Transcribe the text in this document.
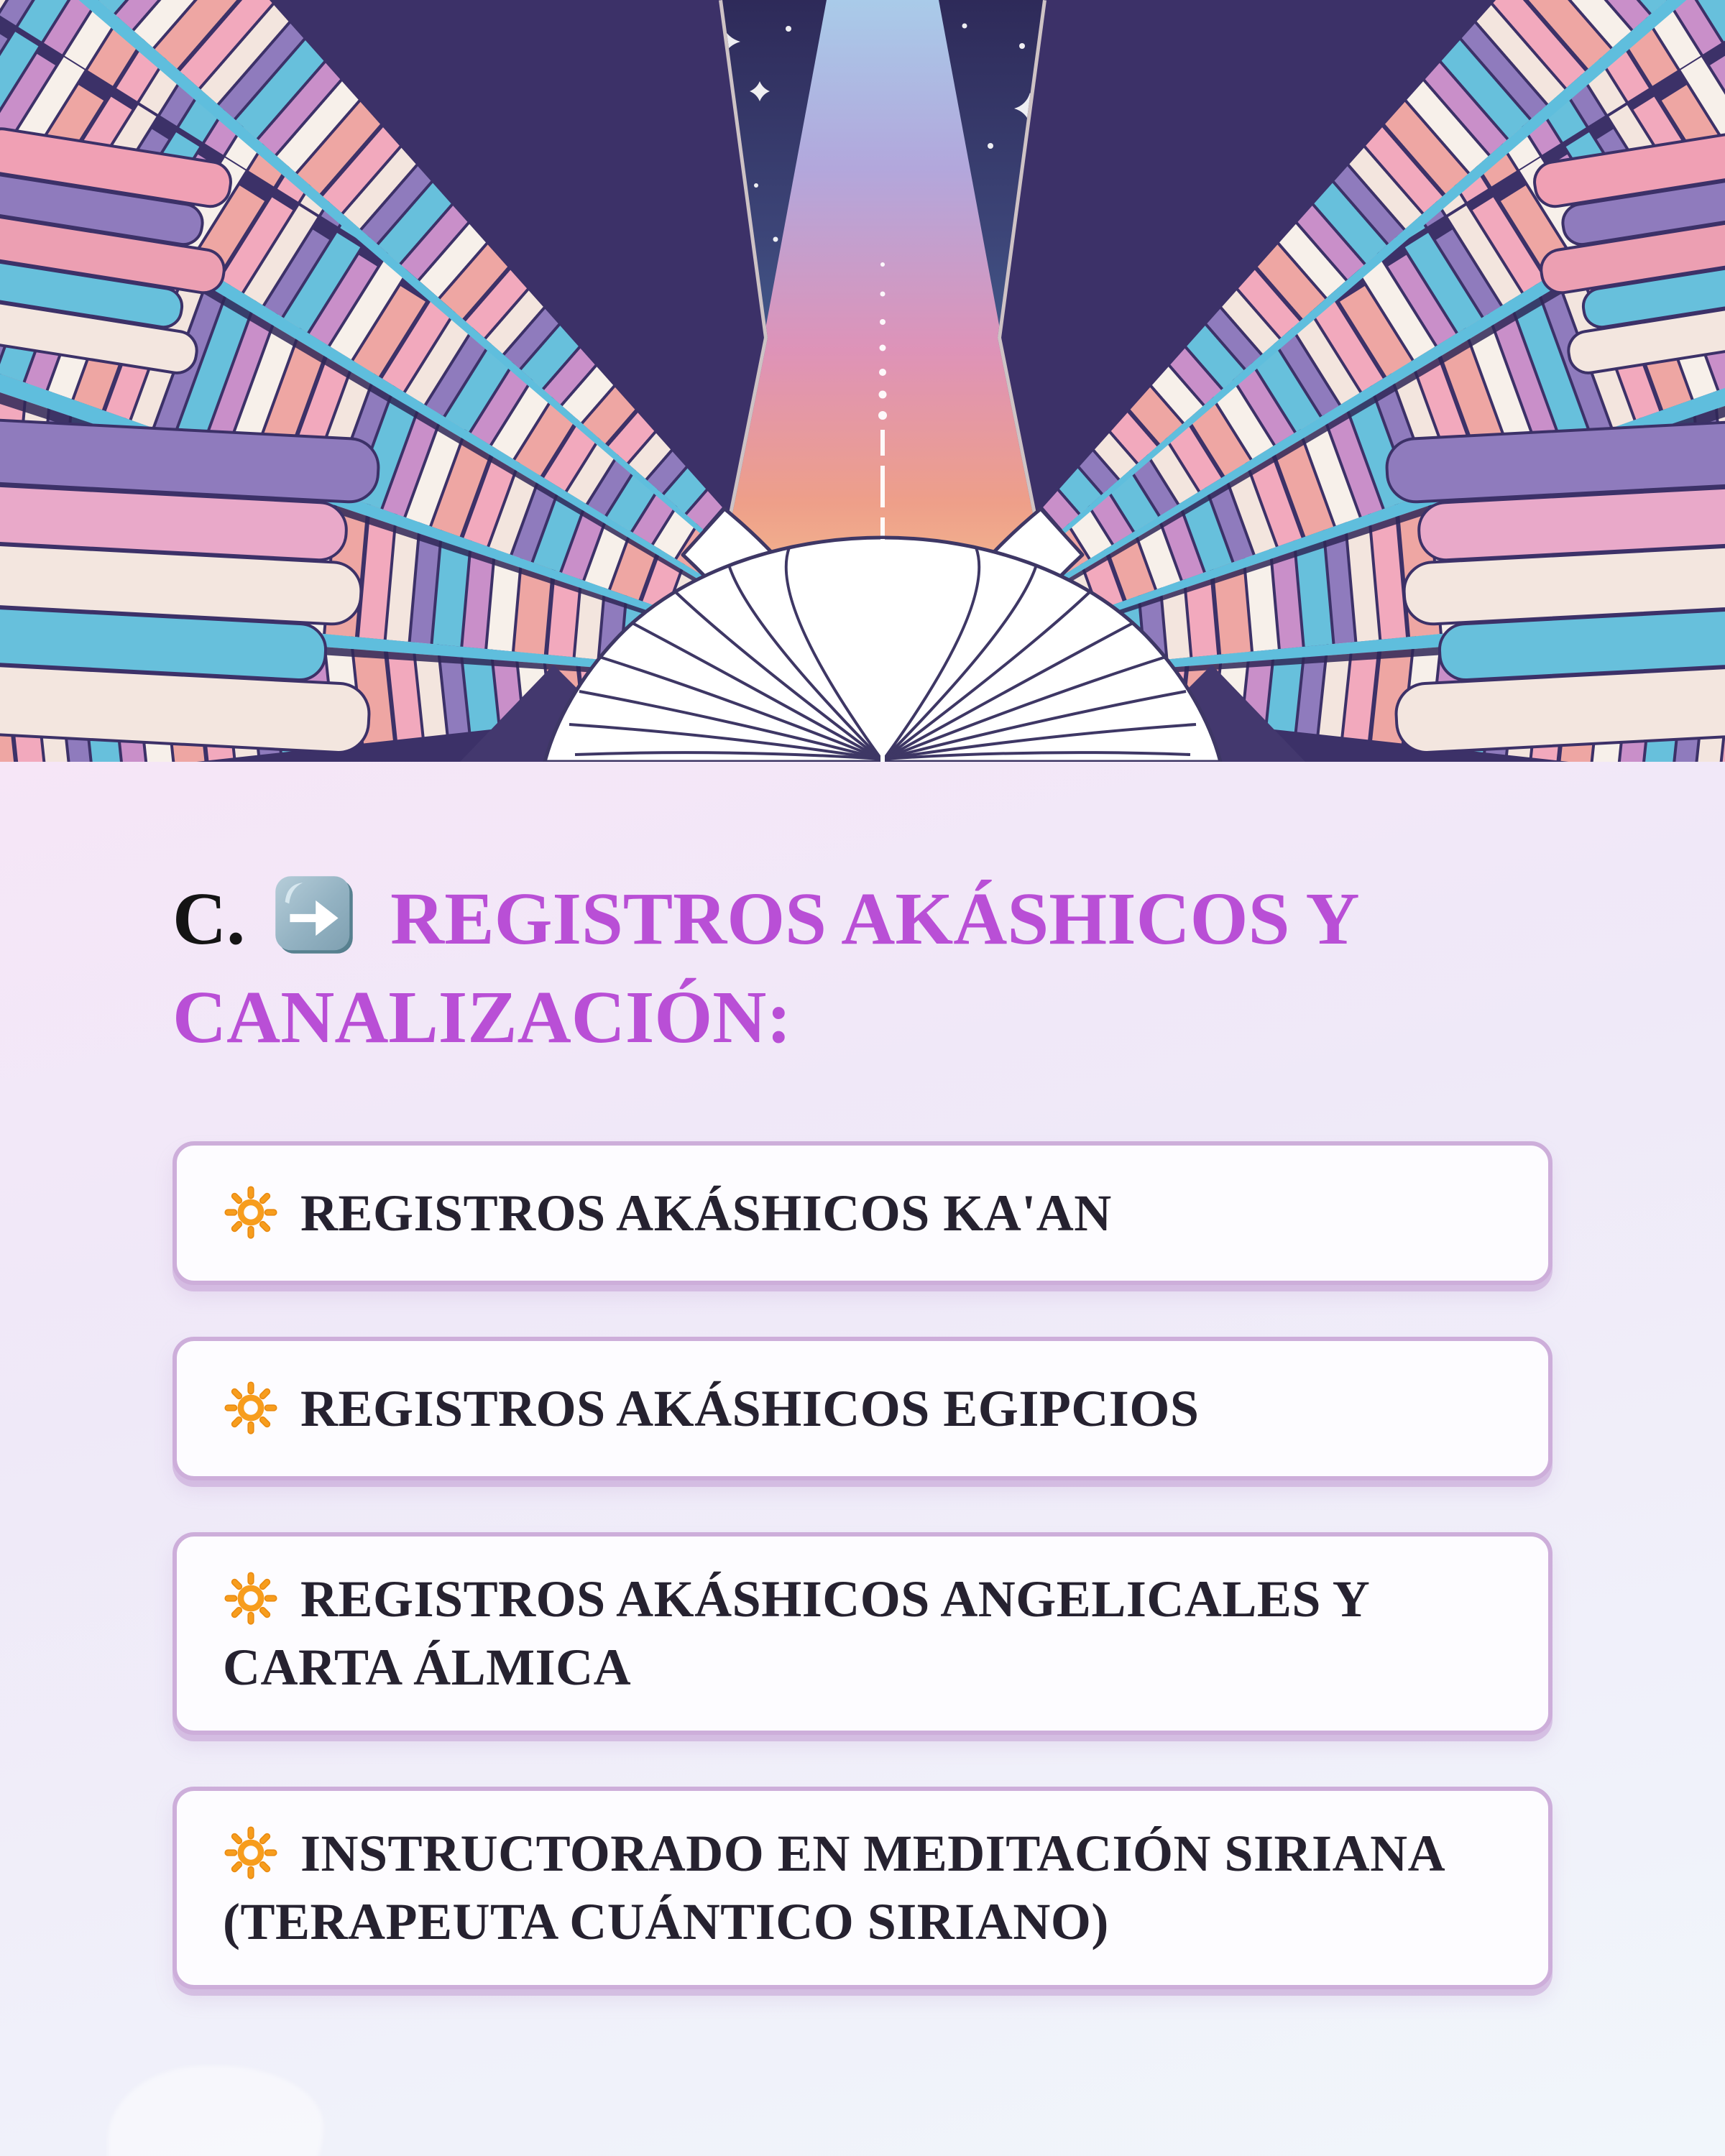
C. REGISTROS AKÁSHICOS Y CANALIZACIÓN:

REGISTROS AKÁSHICOS KA'AN

REGISTROS AKÁSHICOS EGIPCIOS

REGISTROS AKÁSHICOS ANGELICALES Y CARTA ÁLMICA

INSTRUCTORADO EN MEDITACIÓN SIRIANA (TERAPEUTA CUÁNTICO SIRIANO)
